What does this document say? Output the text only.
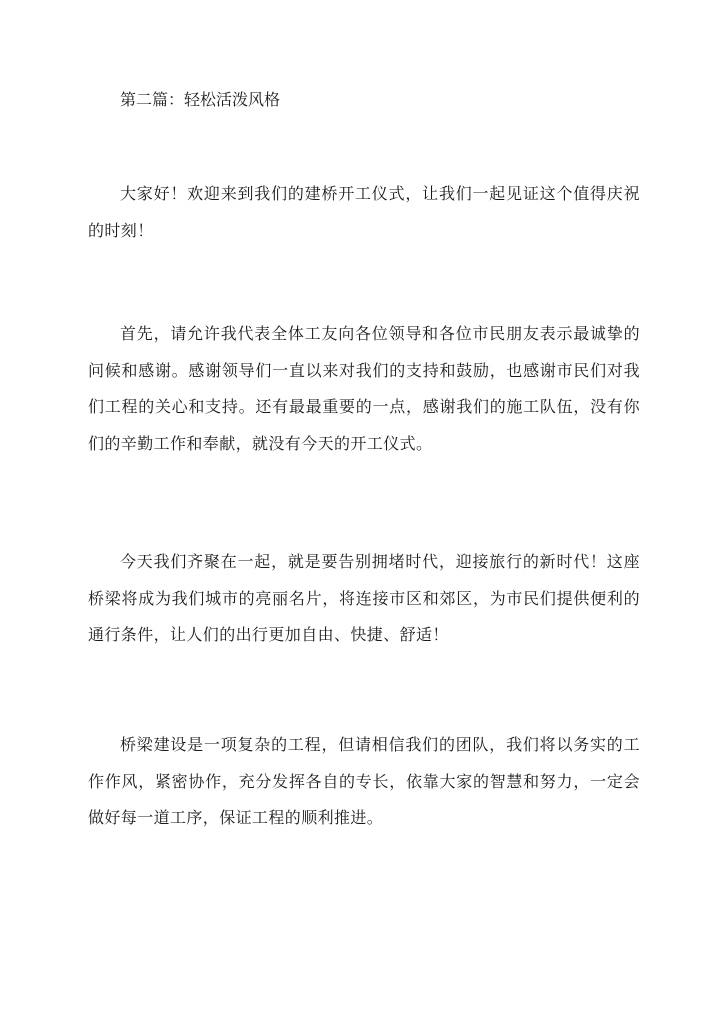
第二篇：轻松活泼风格

大家好！欢迎来到我们的建桥开工仪式，让我们一起见证这个值得庆祝的时刻！

首先，请允许我代表全体工友向各位领导和各位市民朋友表示最诚挚的问候和感谢。感谢领导们一直以来对我们的支持和鼓励，也感谢市民们对我们工程的关心和支持。还有最最重要的一点，感谢我们的施工队伍，没有你们的辛勤工作和奉献，就没有今天的开工仪式。

今天我们齐聚在一起，就是要告别拥堵时代，迎接旅行的新时代！这座桥梁将成为我们城市的亮丽名片，将连接市区和郊区，为市民们提供便利的通行条件，让人们的出行更加自由、快捷、舒适！

桥梁建设是一项复杂的工程，但请相信我们的团队，我们将以务实的工作作风，紧密协作，充分发挥各自的专长，依靠大家的智慧和努力，一定会做好每一道工序，保证工程的顺利推进。
